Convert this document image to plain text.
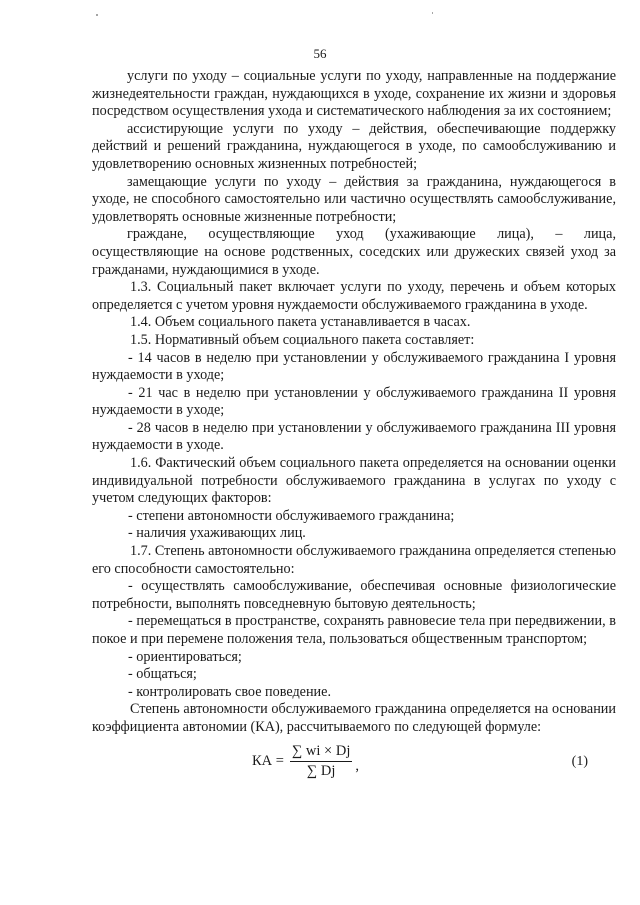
56

услуги по уходу – социальные услуги по уходу, направленные на поддержание жизнедеятельности граждан, нуждающихся в уходе, сохранение их жизни и здоровья посредством осуществления ухода и систематического наблюдения за их состоянием;

ассистирующие услуги по уходу – действия, обеспечивающие поддержку действий и решений гражданина, нуждающегося в уходе, по самообслуживанию и удовлетворению основных жизненных потребностей;

замещающие услуги по уходу – действия за гражданина, нуждающегося в уходе, не способного самостоятельно или частично осуществлять самообслуживание, удовлетворять основные жизненные потребности;

граждане, осуществляющие уход (ухаживающие лица), – лица, осуществляющие на основе родственных, соседских или дружеских связей уход за гражданами, нуждающимися в уходе.

1.3. Социальный пакет включает услуги по уходу, перечень и объем которых определяется с учетом уровня нуждаемости обслуживаемого гражданина в уходе.

1.4. Объем социального пакета устанавливается в часах.

1.5. Нормативный объем социального пакета составляет:

- 14 часов в неделю при установлении у обслуживаемого гражданина I уровня нуждаемости в уходе;

- 21 час в неделю при установлении у обслуживаемого гражданина II уровня нуждаемости в уходе;

- 28 часов в неделю при установлении у обслуживаемого гражданина III уровня нуждаемости в уходе.

1.6. Фактический объем социального пакета определяется на основании оценки индивидуальной потребности обслуживаемого гражданина в услугах по уходу с учетом следующих факторов:

- степени автономности обслуживаемого гражданина;

- наличия ухаживающих лиц.

1.7. Степень автономности обслуживаемого гражданина определяется степенью его способности самостоятельно:

- осуществлять самообслуживание, обеспечивая основные физиологические потребности, выполнять повседневную бытовую деятельность;

- перемещаться в пространстве, сохранять равновесие тела при передвижении, в покое и при перемене положения тела, пользоваться общественным транспортом;

- ориентироваться;

- общаться;

- контролировать свое поведение.

Степень автономности обслуживаемого гражданина определяется на основании коэффициента автономии (КА), рассчитываемого по следующей формуле:

КА = $\frac{\sum wi \times Dj}{\sum Dj}$ ,	(1)
